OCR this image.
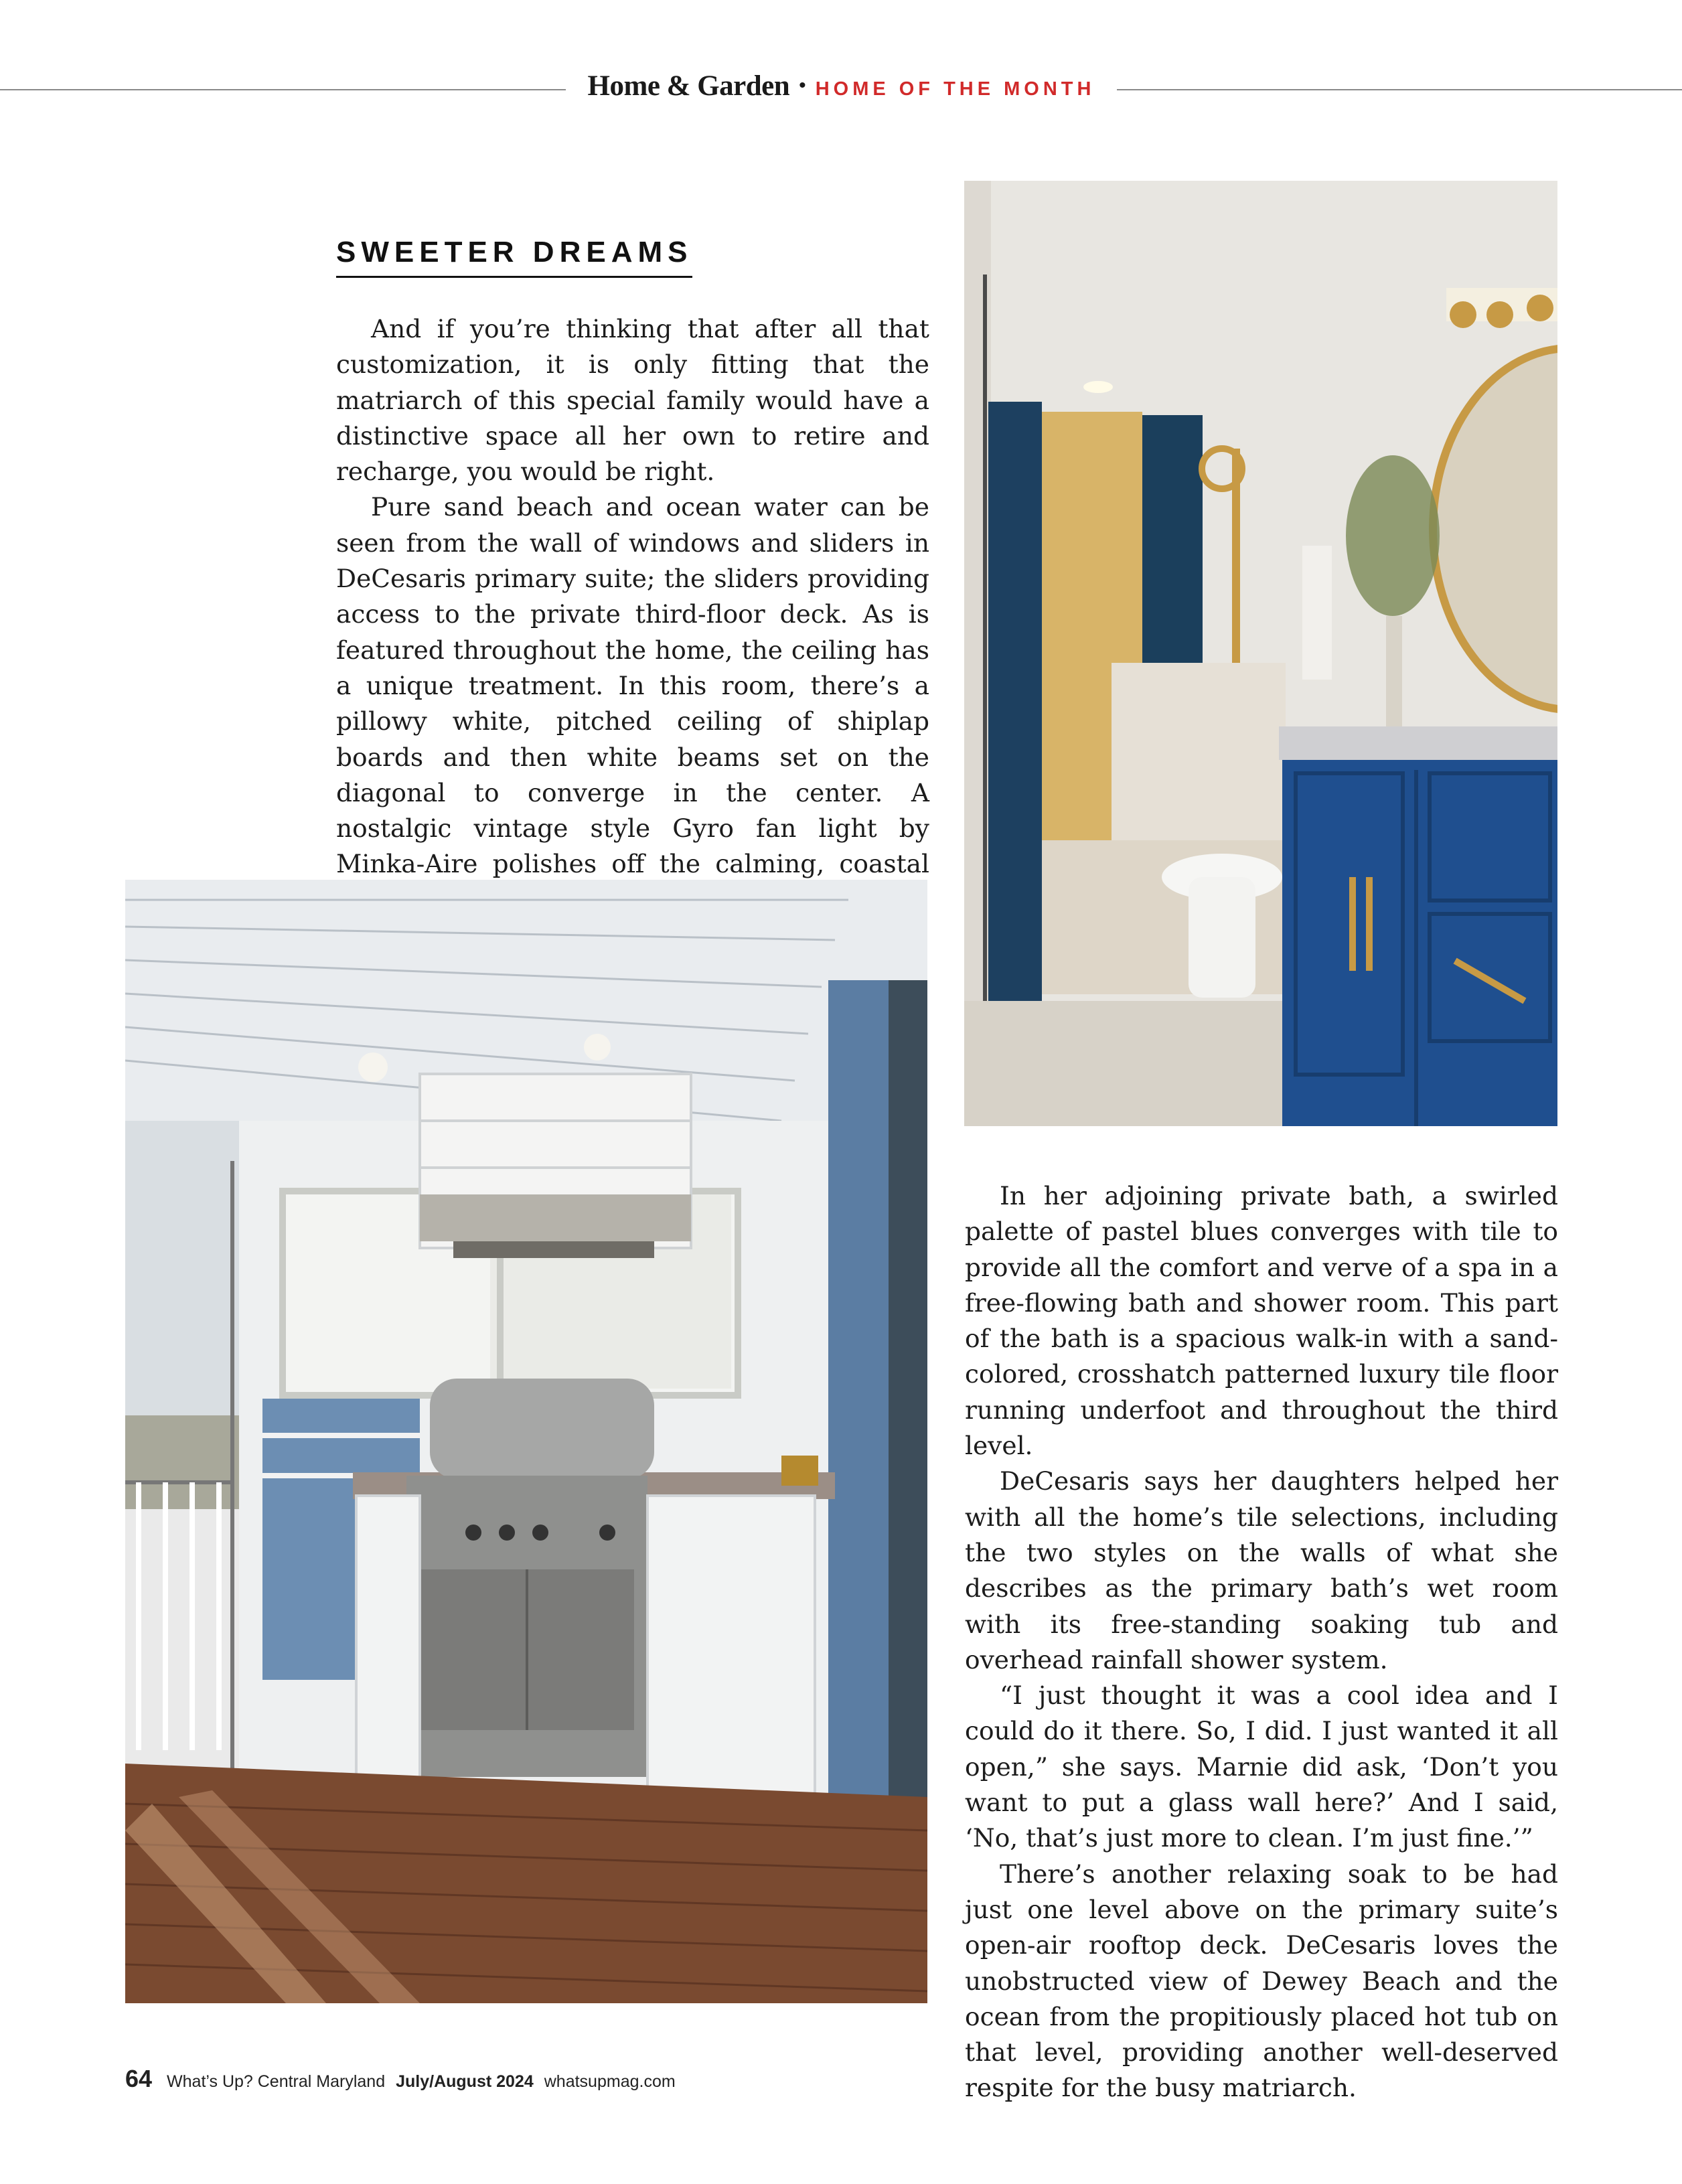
Home & Garden • HOME OF THE MONTH
SWEETER DREAMS

And if you’re thinking that after all that customization, it is only fitting that the matriarch of this special family would have a distinctive space all her own to retire and recharge, you would be right.

Pure sand beach and ocean water can be seen from the wall of windows and sliders in DeCesaris primary suite; the sliders providing access to the private third-floor deck. As is featured throughout the home, the ceiling has a unique treatment. In this room, there’s a pillowy white, pitched ceiling of shiplap boards and then white beams set on the diagonal to converge in the center. A nostalgic vintage style Gyro fan light by Minka-Aire polishes off the calming, coastal

In her adjoining private bath, a swirled palette of pastel blues converges with tile to provide all the comfort and verve of a spa in a free-flowing bath and shower room. This part of the bath is a spacious walk-in with a sand-colored, crosshatch patterned luxury tile floor running underfoot and throughout the third level.

DeCesaris says her daughters helped her with all the home’s tile selections, including the two styles on the walls of what she describes as the primary bath’s wet room with its free-standing soaking tub and overhead rainfall shower system.

“I just thought it was a cool idea and I could do it there. So, I did. I just wanted it all open,” she says. Marnie did ask, ‘Don’t you want to put a glass wall here?’ And I said, ‘No, that’s just more to clean. I’m just fine.’”

There’s another relaxing soak to be had just one level above on the primary suite’s open-air rooftop deck. DeCesaris loves the unobstructed view of Dewey Beach and the ocean from the propitiously placed hot tub on that level, providing another well-deserved respite for the busy matriarch.

64 What’s Up? Central Maryland July/August 2024 whatsupmag.com
